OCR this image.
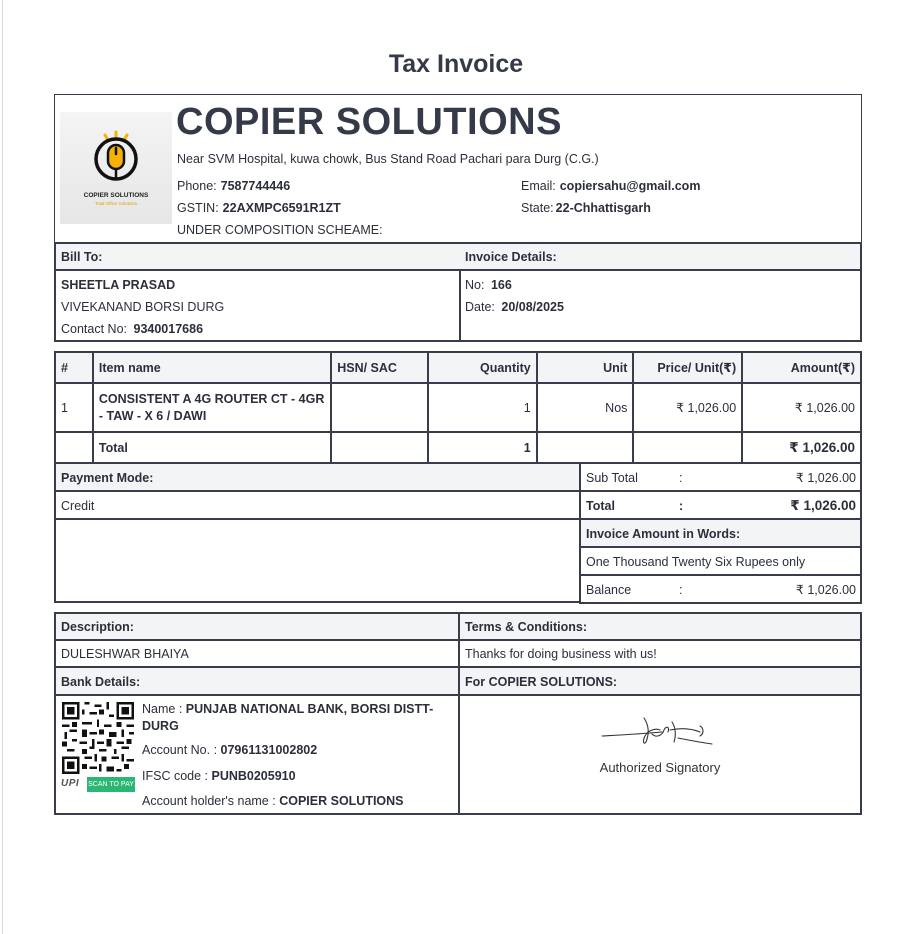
Tax Invoice
COPIER SOLUTIONS
Total Office Solutions
COPIER SOLUTIONS
Near SVM Hospital, kuwa chowk, Bus Stand Road Pachari para Durg (C.G.)
Phone: 7587744446
GSTIN: 22AXMPC6591R1ZT
UNDER COMPOSITION SCHEAME:
Email: copiersahu@gmail.com
State: 22-Chhattisgarh
Bill To:	Invoice Details:
SHEETLA PRASAD
VIVEKANAND BORSI DURG
Contact No: 9340017686
No: 166
Date: 20/08/2025
#	Item name	HSN/ SAC	Quantity	Unit	Price/ Unit(₹)	Amount(₹)
1	CONSISTENT A 4G ROUTER CT - 4GR - TAW - X 6 / DAWI		1	Nos	₹ 1,026.00	₹ 1,026.00
	Total		1			₹ 1,026.00
Payment Mode:
Credit
Sub Total	:	₹ 1,026.00
Total	:	₹ 1,026.00
Invoice Amount in Words:
One Thousand Twenty Six Rupees only
Balance	:	₹ 1,026.00
Description:	Terms & Conditions:
DULESHWAR BHAIYA	Thanks for doing business with us!
Bank Details:	For COPIER SOLUTIONS:
UPI SCAN TO PAY
Name : PUNJAB NATIONAL BANK, BORSI DISTT-DURG
Account No. : 07961131002802
IFSC code : PUNB0205910
Account holder's name : COPIER SOLUTIONS
Authorized Signatory
